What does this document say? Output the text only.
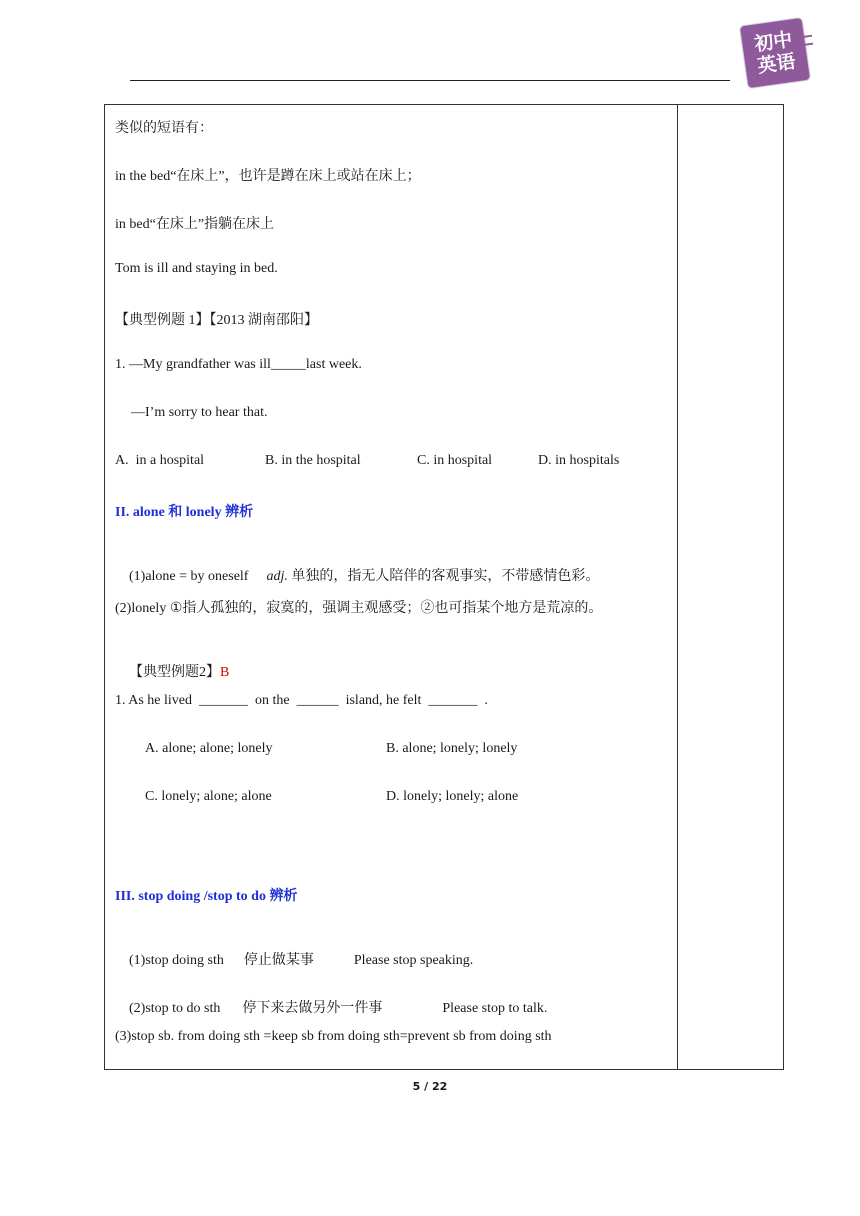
初中
英语
类似的短语有：
in the bed“在床上”，也许是蹲在床上或站在床上；
in bed“在床上”指躺在床上
Tom is ill and staying in bed.
【典型例题 1】【2013 湖南邵阳】
1. —My grandfather was ill_____last week.
—I’m sorry to hear that.
A.  in a hospital	B. in the hospital	C. in hospital	D. in hospitals
II. alone 和 lonely 辨析

(1)alone = by oneself adj. 单独的，指无人陪伴的客观事实，不带感情色彩。

(2)lonely ①指人孤独的，寂寞的，强调主观感受；②也可指某个地方是荒凉的。

【典型例题2】B

1. As he lived  _______  on the  ______  island, he felt  _______  .
A. alone; alone; lonely	B. alone; lonely; lonely
C. lonely; alone; alone	D. lonely; lonely; alone
III. stop doing /stop to do 辨析

(1)stop doing sth 停止做某事	Please stop speaking.

(2)stop to do sth 停下来去做另外一件事	Please stop to talk.

(3)stop sb. from doing sth =keep sb from doing sth=prevent sb from doing sth
5 / 22
